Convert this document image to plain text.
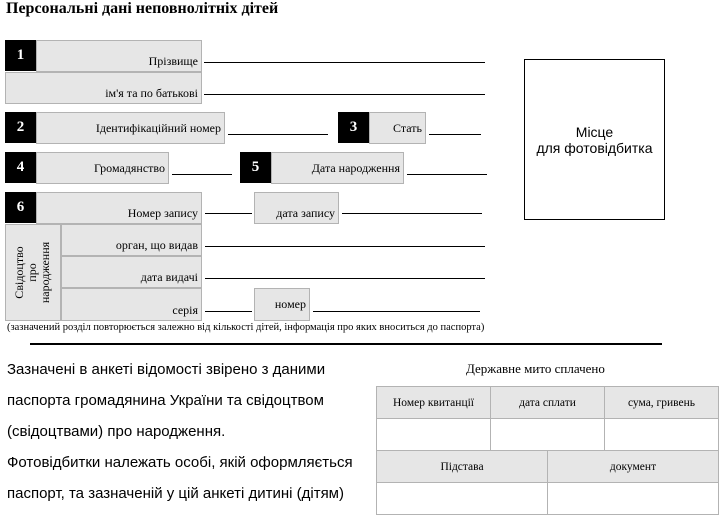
Персональні дані неповнолітніх дітей
1	Прізвище
ім'я та по батькові
2	Ідентифікаційний номер	3	Стать
4	Громадянство	5	Дата народження
6	Номер запису	дата запису
Свідоцтво про народження	орган, що видав
дата видачі
серія	номер
(зазначений розділ повторюється залежно від кількості дітей, інформація про яких вноситься до паспорта)
Місце
для фотовідбитка
Зазначені в анкеті відомості звірено з даними
паспорта громадянина України та свідоцтвом
(свідоцтвами) про народження.
Фотовідбитки належать особі, якій оформляється
паспорт, та зазначеній у цій анкеті дитині (дітям)
Державне мито сплачено
Номер квитанції	дата сплати	сума, гривень

Підстава	документ
